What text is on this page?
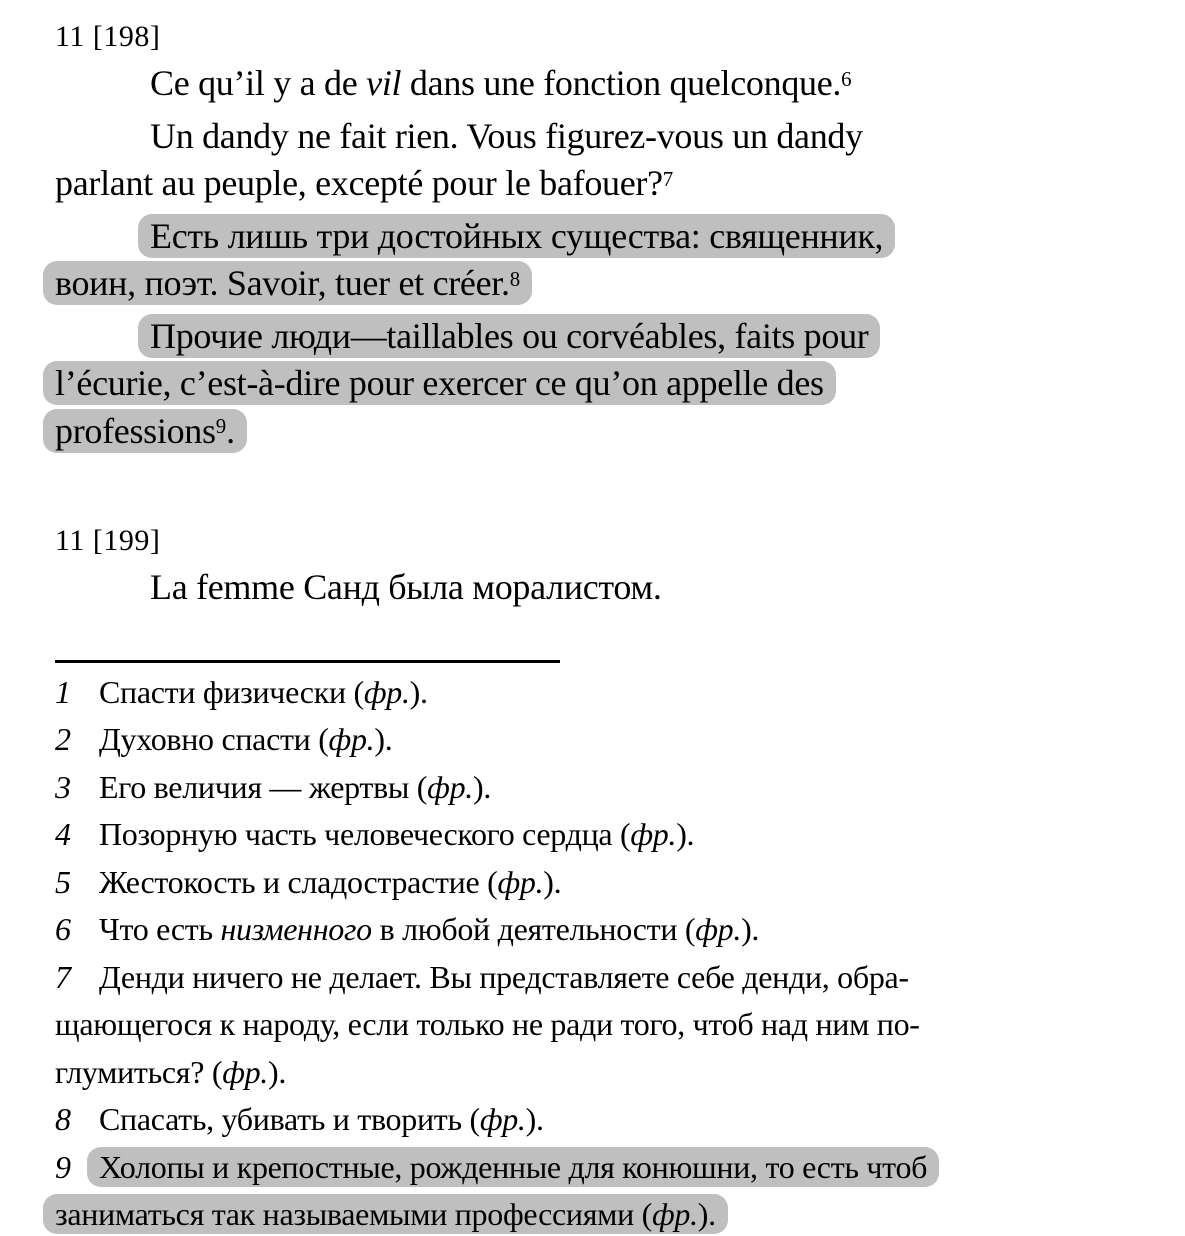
11 [198]
Ce qu’il y a de vil dans une fonction quelconque.$^6$
Un dandy ne fait rien. Vous figurez-vous un dandy
parlant au peuple, excepté pour le bafouer?$^7$
Есть лишь три достойных существа: священник,
воин, поэт. Savoir, tuer et créer.$^8$
Прочие люди—taillables ou corvéables, faits pour
l’écurie, c’est-à-dire pour exercer ce qu’on appelle des
professions$^9$.
11 [199]
La femme Санд была моралистом.
1 Спасти физически (фр.).
2 Духовно спасти (фр.).
3 Его величия — жертвы (фр.).
4 Позорную часть человеческого сердца (фр.).
5 Жестокость и сладострастие (фр.).
6 Что есть низменного в любой деятельности (фр.).
7 Денди ничего не делает. Вы представляете себе денди, обра-
щающегося к народу, если только не ради того, чтоб над ним по-
глумиться? (фр.).
8 Спасать, убивать и творить (фр.).
9 Холопы и крепостные, рожденные для конюшни, то есть чтоб
заниматься так называемыми профессиями (фр.).
